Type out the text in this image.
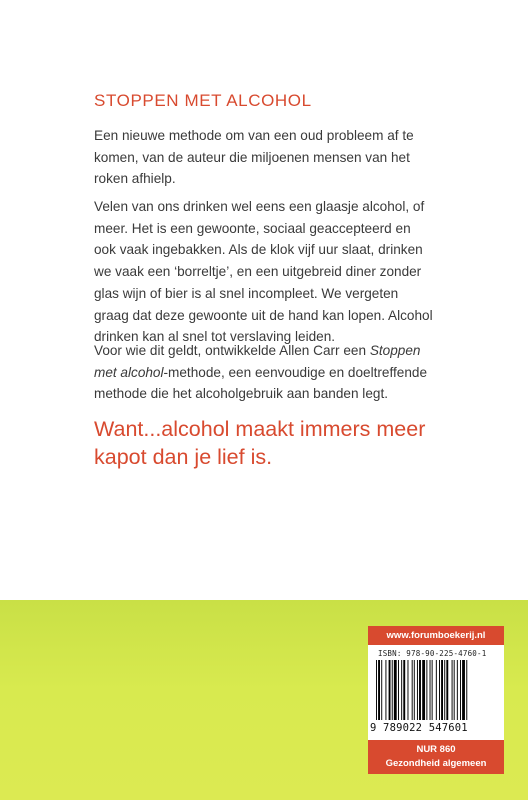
STOPPEN MET ALCOHOL
Een nieuwe methode om van een oud probleem af te komen, van de auteur die miljoenen mensen van het roken afhielp.
Velen van ons drinken wel eens een glaasje alcohol, of meer. Het is een gewoonte, sociaal geaccepteerd en ook vaak ingebakken. Als de klok vijf uur slaat, drinken we vaak een ‘borreltje’, en een uitgebreid diner zonder glas wijn of bier is al snel incompleet. We vergeten graag dat deze gewoonte uit de hand kan lopen. Alcohol drinken kan al snel tot verslaving leiden.
Voor wie dit geldt, ontwikkelde Allen Carr een Stoppen met alcohol-methode, een eenvoudige en doeltreffende methode die het alcoholgebruik aan banden legt.
Want...alcohol maakt immers meer kapot dan je lief is.
www.forumboekerij.nl
ISBN: 978-90-225-4760-1
9 789022 547601
NUR 860
Gezondheid algemeen
